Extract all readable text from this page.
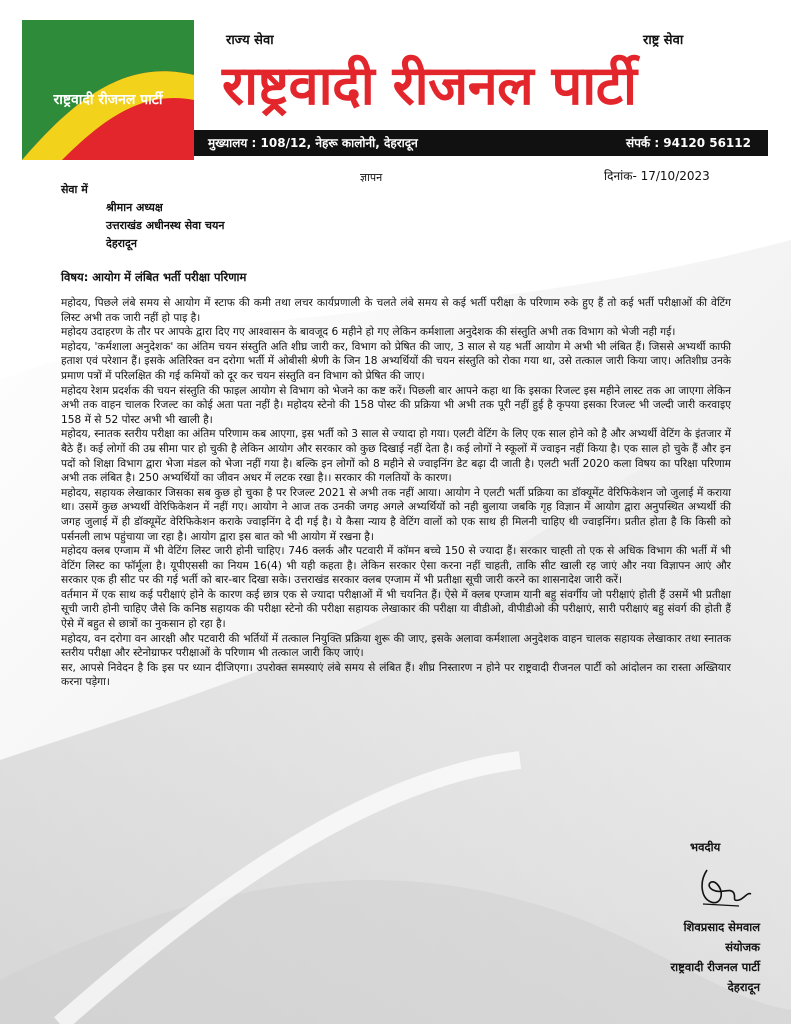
राष्ट्रवादी रीजनल पार्टी
राज्य सेवा	राष्ट्र सेवा
राष्ट्रवादी रीजनल पार्टी
मुख्यालय : 108/12, नेहरू कालोनी, देहरादून	संपर्क : 94120 56112
ज्ञापन	दिनांक- 17/10/2023
सेवा में
श्रीमान अध्यक्ष
उत्तराखंड अधीनस्थ सेवा चयन
देहरादून
विषय: आयोग में लंबित भर्ती परीक्षा परिणाम

महोदय, पिछले लंबे समय से आयोग में स्टाफ की कमी तथा लचर कार्यप्रणाली के चलते लंबे समय से कई भर्ती परीक्षा के परिणाम रुके हुए हैं तो कई भर्ती परीक्षाओं की वेटिंग लिस्ट अभी तक जारी नहीं हो पाइ है।

महोदय उदाहरण के तौर पर आपके द्वारा दिए गए आश्वासन के बावजूद 6 महीने हो गए लेकिन कर्मशाला अनुदेशक की संस्तुति अभी तक विभाग को भेजी नही गई।

महोदय, 'कर्मशाला अनुदेशक' का अंतिम चयन संस्तुति अति शीघ्र जारी कर, विभाग को प्रेषित की जाए, 3 साल से यह भर्ती आयोग मे अभी भी लंबित हैं। जिससे अभ्यर्थी काफी हताश एवं परेशान हैं। इसके अतिरिक्त वन दरोगा भर्ती में ओबीसी श्रेणी के जिन 18 अभ्यर्थियों की चयन संस्तुति को रोका गया था, उसे तत्काल जारी किया जाए। अतिशीघ्र उनके प्रमाण पत्रों में परिलक्षित की गई कमियों को दूर कर चयन संस्तुति वन विभाग को प्रेषित की जाए।

महोदय रेशम प्रदर्शक की चयन संस्तुति की फाइल आयोग से विभाग को भेजने का कष्ट करें। पिछली बार आपने कहा था कि इसका रिजल्ट इस महीने लास्ट तक आ जाएगा लेकिन अभी तक वाहन चालक रिजल्ट का कोई अता पता नहीं है। महोदय स्टेनो की 158 पोस्ट की प्रक्रिया भी अभी तक पूरी नहीं हुई है कृपया इसका रिजल्ट भी जल्दी जारी करवाइए 158 में से 52 पोस्ट अभी भी खाली है।

महोदय, स्नातक स्तरीय परीक्षा का अंतिम परिणाम कब आएगा, इस भर्ती को 3 साल से ज्यादा हो गया। एलटी वेटिंग के लिए एक साल होने को है और अभ्यर्थी वेटिंग के इंतजार में बैठे हैं। कई लोगों की उम्र सीमा पार हो चुकी है लेकिन आयोग और सरकार को कुछ दिखाई नहीं देता है। कई लोगों ने स्कूलों में ज्वाइन नहीं किया है। एक साल हो चुके हैं और इन पदों को शिक्षा विभाग द्वारा भेजा मंडल को भेजा नहीं गया है। बल्कि इन लोगों को 8 महीने से ज्वाइनिंग डेट बढ़ा दी जाती है। एलटी भर्ती 2020 कला विषय का परिक्षा परिणाम अभी तक लंबित है। 250 अभ्यर्थियों का जीवन अधर में लटक रखा है।। सरकार की गलतियों के कारण।

महोदय, सहायक लेखाकार जिसका सब कुछ हो चुका है पर रिजल्ट 2021 से अभी तक नहीं आया। आयोग ने एलटी भर्ती प्रक्रिया का डॉक्यूमेंट वेरिफिकेशन जो जुलाई में कराया था। उसमें कुछ अभ्यर्थी वेरिफिकेशन में नहीं गए। आयोग ने आज तक उनकी जगह अगले अभ्यर्थियों को नही बुलाया जबकि गृह विज्ञान में आयोग द्वारा अनुपस्थित अभ्यर्थी की जगह जुलाई में ही डॉक्यूमेंट वेरिफिकेशन कराके ज्वाइनिंग दे दी गई है। ये कैसा न्याय है वेटिंग वालों को एक साथ ही मिलनी चाहिए थी ज्वाइनिंग। प्रतीत होता है कि किसी को पर्सनली लाभ पहुंचाया जा रहा है। आयोग द्वारा इस बात को भी आयोग में रखना है।

महोदय क्लब एग्जाम में भी वेटिंग लिस्ट जारी होनी चाहिए। 746 क्लर्क और पटवारी में कॉमन बच्चे 150 से ज्यादा हैं। सरकार चाह्ती तो एक से अधिक विभाग की भर्ती में भी वेटिंग लिस्ट का फॉर्मूला है। यूपीएससी का नियम 16(4) भी यही कहता है। लेकिन सरकार ऐसा करना नहीं चाहती, ताकि सीट खाली रह जाएं और नया विज्ञापन आएं और सरकार एक ही सीट पर की गई भर्ती को बार-बार दिखा सके। उत्तराखंड सरकार क्लब एग्जाम में भी प्रतीक्षा सूची जारी करने का शासनादेश जारी करें।

वर्तमान में एक साथ कई परीक्षाएं होने के कारण कई छात्र एक से ज्यादा परीक्षाओं में भी चयनित हैं। ऐसे में क्लब एग्जाम यानी बहु संवर्गीय जो परीक्षाएं होती हैं उसमें भी प्रतीक्षा सूची जारी होनी चाहिए जैसे कि कनिष्ठ सहायक की परीक्षा स्टेनो की परीक्षा सहायक लेखाकार की परीक्षा या वीडीओ, वीपीडीओ की परीक्षाएं, सारी परीक्षाएं बहु संवर्ग की होती हैं ऐसे में बहुत से छात्रों का नुकसान हो रहा है।

महोदय, वन दरोगा वन आरक्षी और पटवारी की भर्तियों में तत्काल नियुक्ति प्रक्रिया शुरू की जाए, इसके अलावा कर्मशाला अनुदेशक वाहन चालक सहायक लेखाकार तथा स्नातक स्तरीय परीक्षा और स्टेनोग्राफर परीक्षाओं के परिणाम भी तत्काल जारी किए जाएं।

सर, आपसे निवेदन है कि इस पर ध्यान दीजिएगा। उपरोक्त समस्याएं लंबे समय से लंबित हैं। शीघ्र निस्तारण न होने पर राष्ट्रवादी रीजनल पार्टी को आंदोलन का रास्ता अख्तियार करना पड़ेगा।

भवदीय
शिवप्रसाद सेमवाल
संयोजक
राष्ट्रवादी रीजनल पार्टी
देहरादून
